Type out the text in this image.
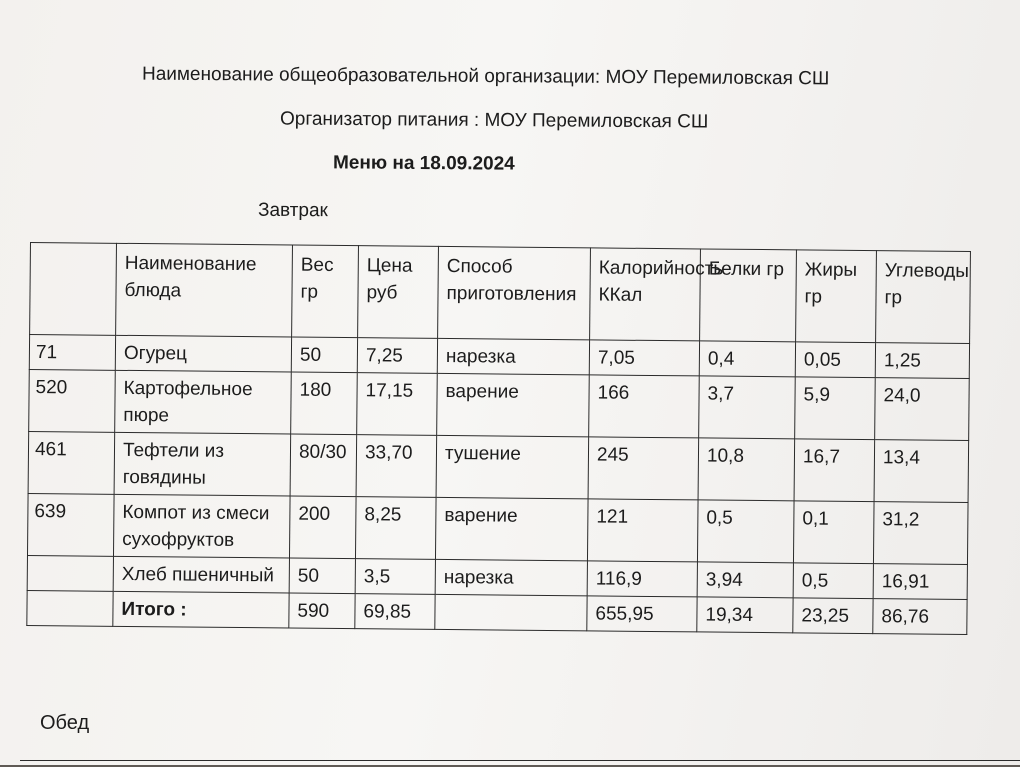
Наименование общеобразовательной организации: МОУ Перемиловская СШ
Организатор питания : МОУ Перемиловская СШ
Меню на 18.09.2024
Завтрак
	Наименование блюда	Вес гр	Цена руб	Способ приготовления	Калорийность ККал	Белки гр	Жиры гр	Углеводы гр
71	Огурец	50	7,25	нарезка	7,05	0,4	0,05	1,25
520	Картофельное пюре	180	17,15	варение	166	3,7	5,9	24,0
461	Тефтели из говядины	80/30	33,70	тушение	245	10,8	16,7	13,4
639	Компот из смеси сухофруктов	200	8,25	варение	121	0,5	0,1	31,2
	Хлеб пшеничный	50	3,5	нарезка	116,9	3,94	0,5	16,91
	Итого :	590	69,85		655,95	19,34	23,25	86,76
Обед
